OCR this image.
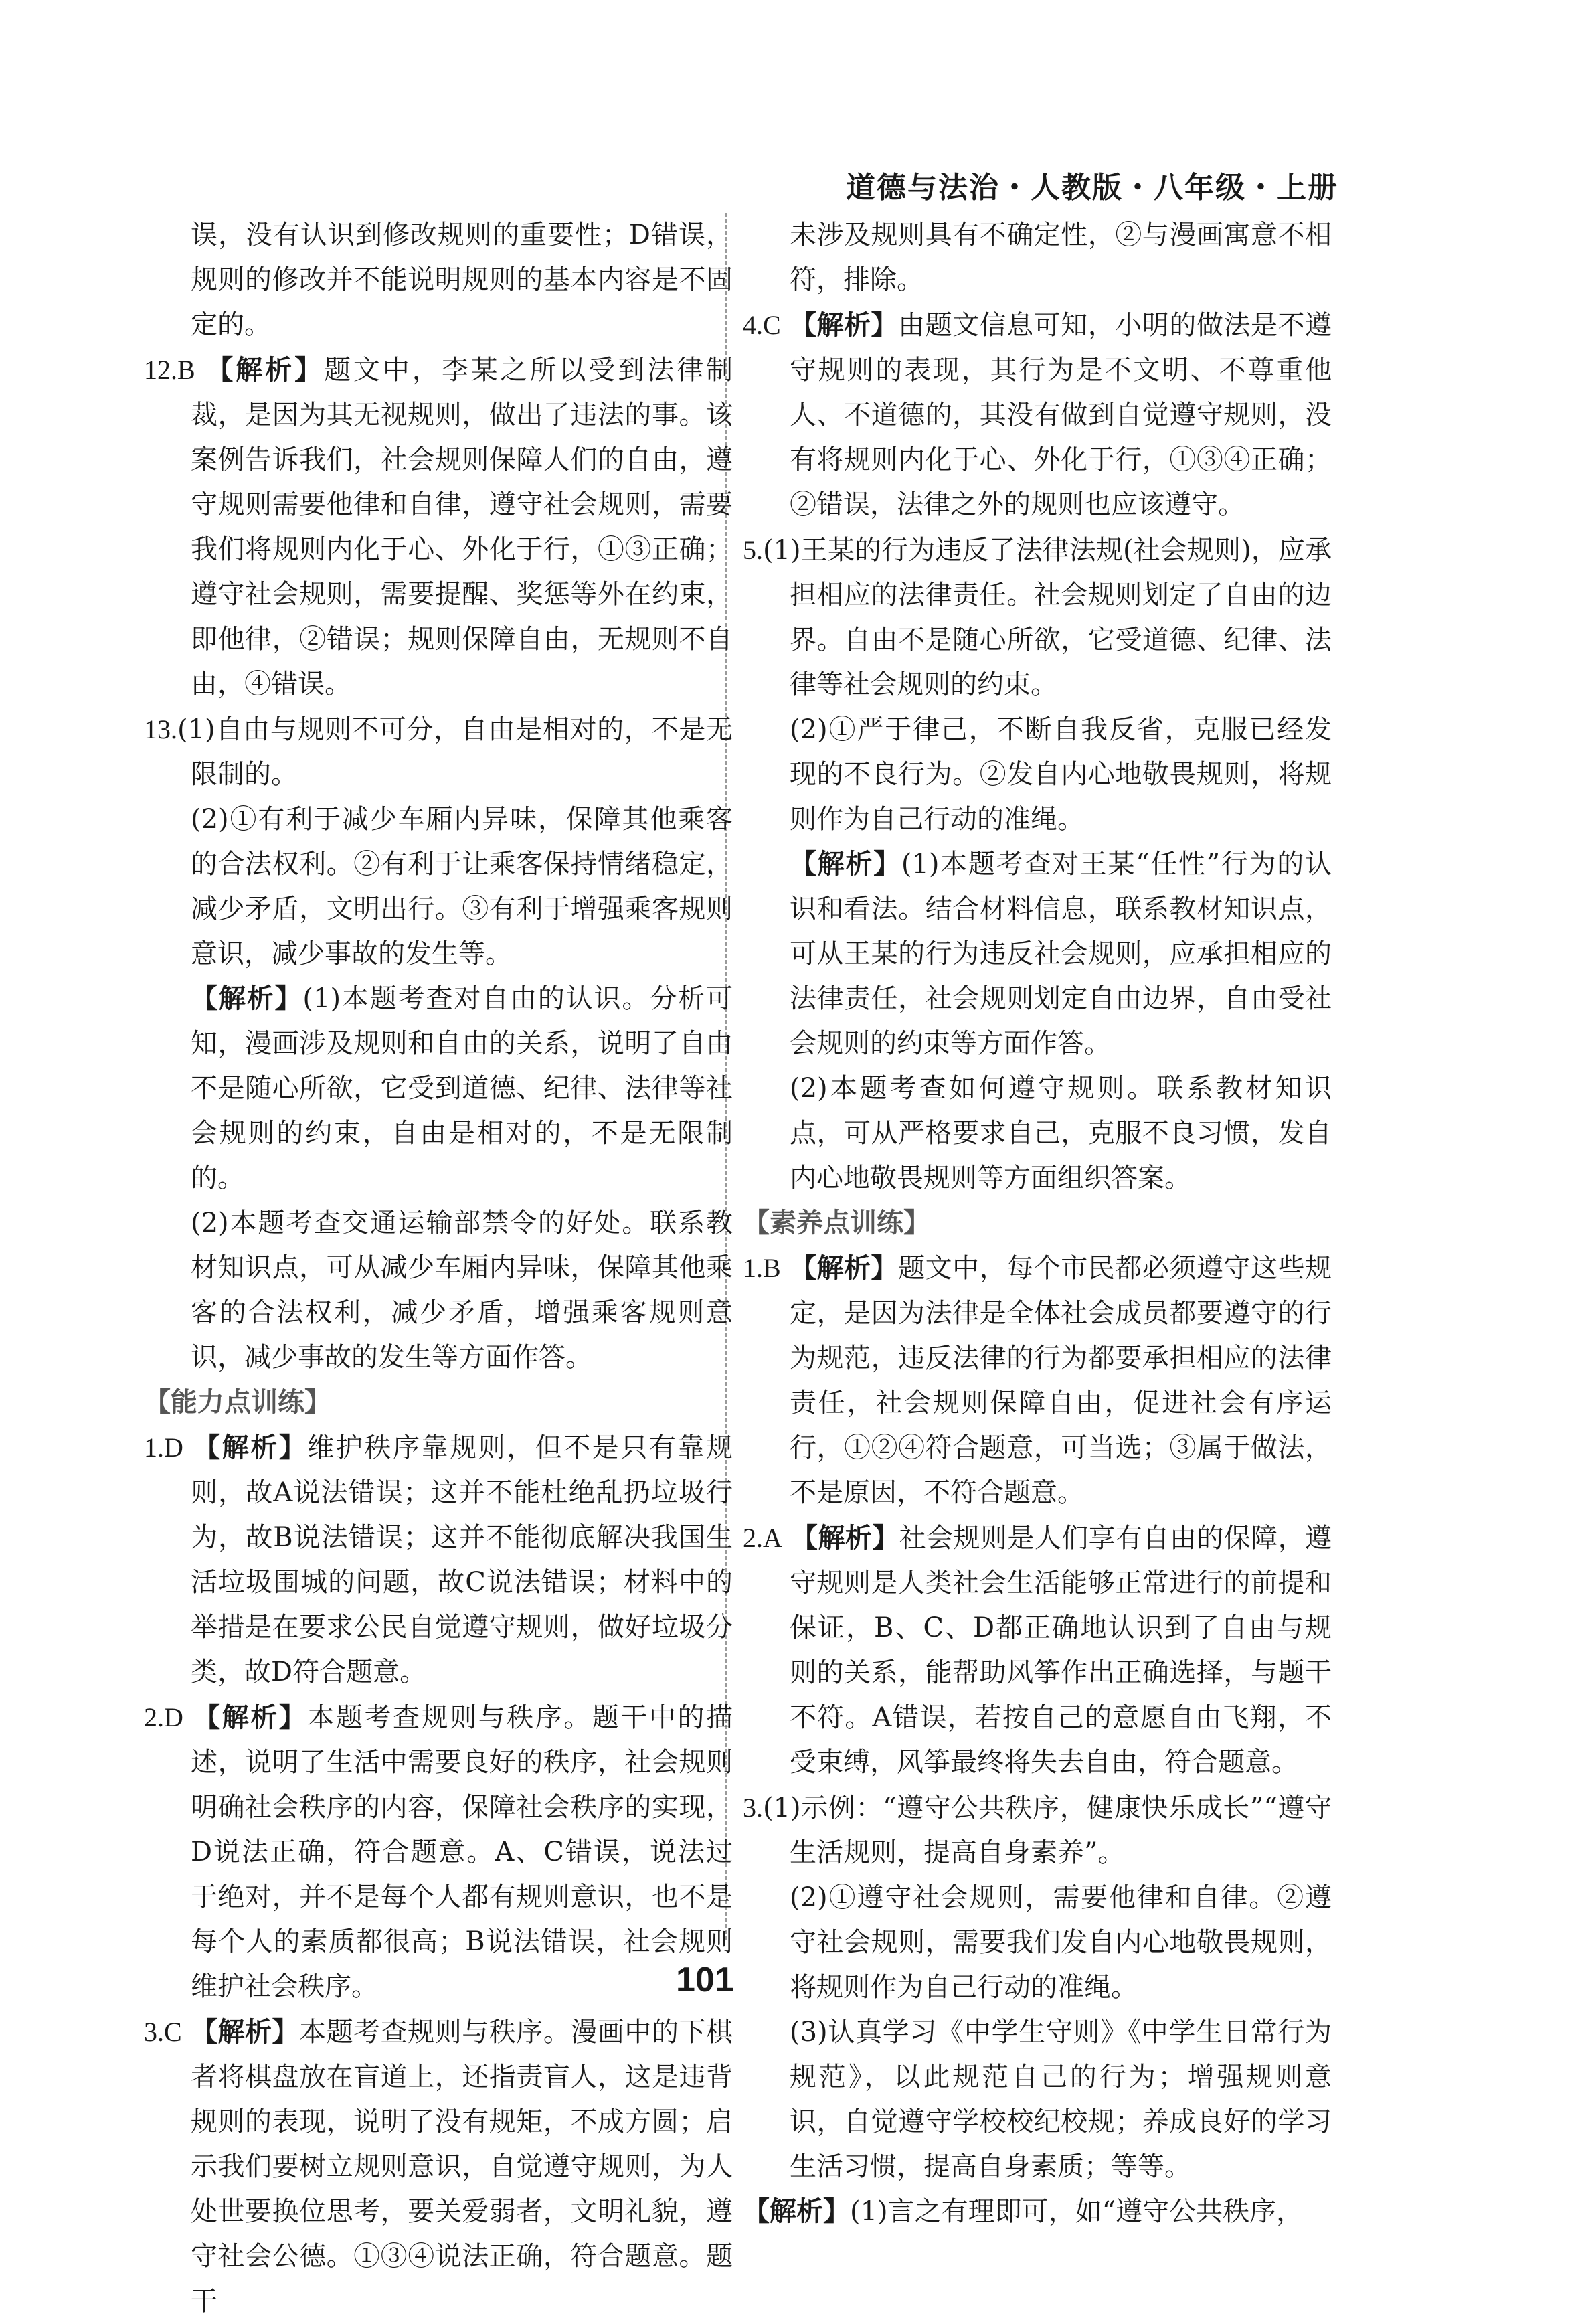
道德与法治・人教版・八年级・上册

误，没有认识到修改规则的重要性；D错误，规则的修改并不能说明规则的基本内容是不固定的。

12.B 【解析】题文中，李某之所以受到法律制裁，是因为其无视规则，做出了违法的事。该案例告诉我们，社会规则保障人们的自由，遵守规则需要他律和自律，遵守社会规则，需要我们将规则内化于心、外化于行，①③正确；遵守社会规则，需要提醒、奖惩等外在约束，即他律，②错误；规则保障自由，无规则不自由，④错误。

13.(1)自由与规则不可分，自由是相对的，不是无限制的。

(2)①有利于减少车厢内异味，保障其他乘客的合法权利。②有利于让乘客保持情绪稳定，减少矛盾，文明出行。③有利于增强乘客规则意识，减少事故的发生等。

【解析】(1)本题考查对自由的认识。分析可知，漫画涉及规则和自由的关系，说明了自由不是随心所欲，它受到道德、纪律、法律等社会规则的约束，自由是相对的，不是无限制的。

(2)本题考查交通运输部禁令的好处。联系教材知识点，可从减少车厢内异味，保障其他乘客的合法权利，减少矛盾，增强乘客规则意识，减少事故的发生等方面作答。

【能力点训练】

1.D 【解析】维护秩序靠规则，但不是只有靠规则，故A说法错误；这并不能杜绝乱扔垃圾行为，故B说法错误；这并不能彻底解决我国生活垃圾围城的问题，故C说法错误；材料中的举措是在要求公民自觉遵守规则，做好垃圾分类，故D符合题意。

2.D 【解析】本题考查规则与秩序。题干中的描述，说明了生活中需要良好的秩序，社会规则明确社会秩序的内容，保障社会秩序的实现，D说法正确，符合题意。A、C错误，说法过于绝对，并不是每个人都有规则意识，也不是每个人的素质都很高；B说法错误，社会规则维护社会秩序。

3.C 【解析】本题考查规则与秩序。漫画中的下棋者将棋盘放在盲道上，还指责盲人，这是违背规则的表现，说明了没有规矩，不成方圆；启示我们要树立规则意识，自觉遵守规则，为人处世要换位思考，要关爱弱者，文明礼貌，遵守社会公德。①③④说法正确，符合题意。题干

未涉及规则具有不确定性，②与漫画寓意不相符，排除。

4.C 【解析】由题文信息可知，小明的做法是不遵守规则的表现，其行为是不文明、不尊重他人、不道德的，其没有做到自觉遵守规则，没有将规则内化于心、外化于行，①③④正确；②错误，法律之外的规则也应该遵守。

5.(1)王某的行为违反了法律法规(社会规则)，应承担相应的法律责任。社会规则划定了自由的边界。自由不是随心所欲，它受道德、纪律、法律等社会规则的约束。

(2)①严于律己，不断自我反省，克服已经发现的不良行为。②发自内心地敬畏规则，将规则作为自己行动的准绳。

【解析】(1)本题考查对王某“任性”行为的认识和看法。结合材料信息，联系教材知识点，可从王某的行为违反社会规则，应承担相应的法律责任，社会规则划定自由边界，自由受社会规则的约束等方面作答。

(2)本题考查如何遵守规则。联系教材知识点，可从严格要求自己，克服不良习惯，发自内心地敬畏规则等方面组织答案。

【素养点训练】

1.B 【解析】题文中，每个市民都必须遵守这些规定，是因为法律是全体社会成员都要遵守的行为规范，违反法律的行为都要承担相应的法律责任，社会规则保障自由，促进社会有序运行，①②④符合题意，可当选；③属于做法，不是原因，不符合题意。

2.A 【解析】社会规则是人们享有自由的保障，遵守规则是人类社会生活能够正常进行的前提和保证，B、C、D都正确地认识到了自由与规则的关系，能帮助风筝作出正确选择，与题干不符。A错误，若按自己的意愿自由飞翔，不受束缚，风筝最终将失去自由，符合题意。

3.(1)示例：“遵守公共秩序，健康快乐成长”“遵守生活规则，提高自身素养”。

(2)①遵守社会规则，需要他律和自律。②遵守社会规则，需要我们发自内心地敬畏规则，将规则作为自己行动的准绳。

(3)认真学习《中学生守则》《中学生日常行为规范》，以此规范自己的行为；增强规则意识，自觉遵守学校校纪校规；养成良好的学习生活习惯，提高自身素质；等等。

【解析】(1)言之有理即可，如“遵守公共秩序，

101
